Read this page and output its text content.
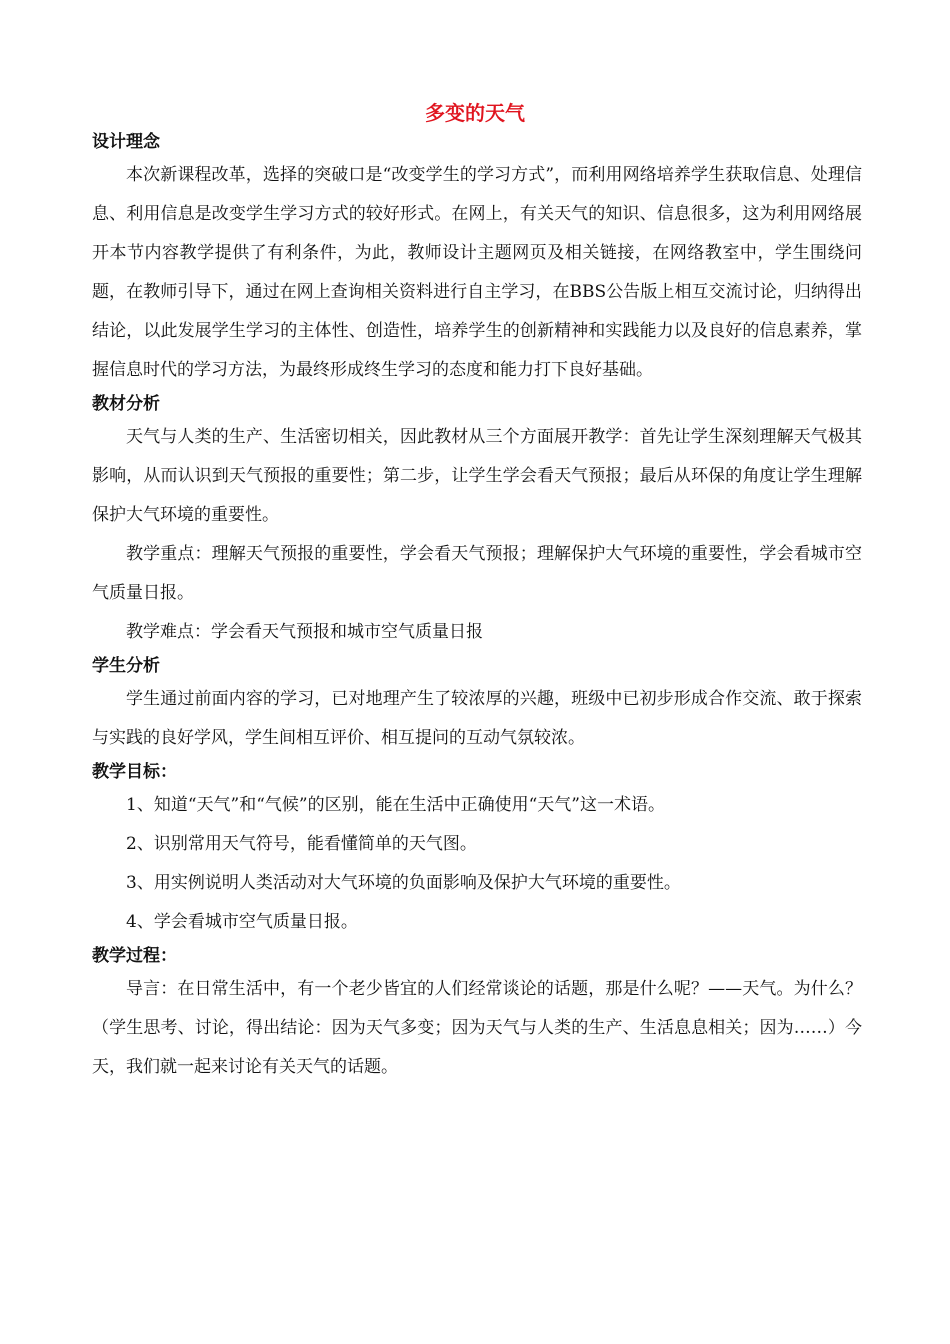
多变的天气

设计理念

本次新课程改革，选择的突破口是“改变学生的学习方式”，而利用网络培养学生获取信息、处理信息、利用信息是改变学生学习方式的较好形式。在网上，有关天气的知识、信息很多，这为利用网络展开本节内容教学提供了有利条件，为此，教师设计主题网页及相关链接，在网络教室中，学生围绕问题，在教师引导下，通过在网上查询相关资料进行自主学习，在BBS公告版上相互交流讨论，归纳得出结论，以此发展学生学习的主体性、创造性，培养学生的创新精神和实践能力以及良好的信息素养，掌握信息时代的学习方法，为最终形成终生学习的态度和能力打下良好基础。

教材分析

天气与人类的生产、生活密切相关，因此教材从三个方面展开教学：首先让学生深刻理解天气极其影响，从而认识到天气预报的重要性；第二步，让学生学会看天气预报；最后从环保的角度让学生理解保护大气环境的重要性。

教学重点：理解天气预报的重要性，学会看天气预报；理解保护大气环境的重要性，学会看城市空气质量日报。

教学难点：学会看天气预报和城市空气质量日报

学生分析

学生通过前面内容的学习，已对地理产生了较浓厚的兴趣，班级中已初步形成合作交流、敢于探索与实践的良好学风，学生间相互评价、相互提问的互动气氛较浓。

教学目标：

1、知道“天气”和“气候”的区别，能在生活中正确使用“天气”这一术语。

2、识别常用天气符号，能看懂简单的天气图。

3、用实例说明人类活动对大气环境的负面影响及保护大气环境的重要性。

4、学会看城市空气质量日报。

教学过程：

导言：在日常生活中，有一个老少皆宜的人们经常谈论的话题，那是什么呢？——天气。为什么？（学生思考、讨论，得出结论：因为天气多变；因为天气与人类的生产、生活息息相关；因为……）今天，我们就一起来讨论有关天气的话题。
